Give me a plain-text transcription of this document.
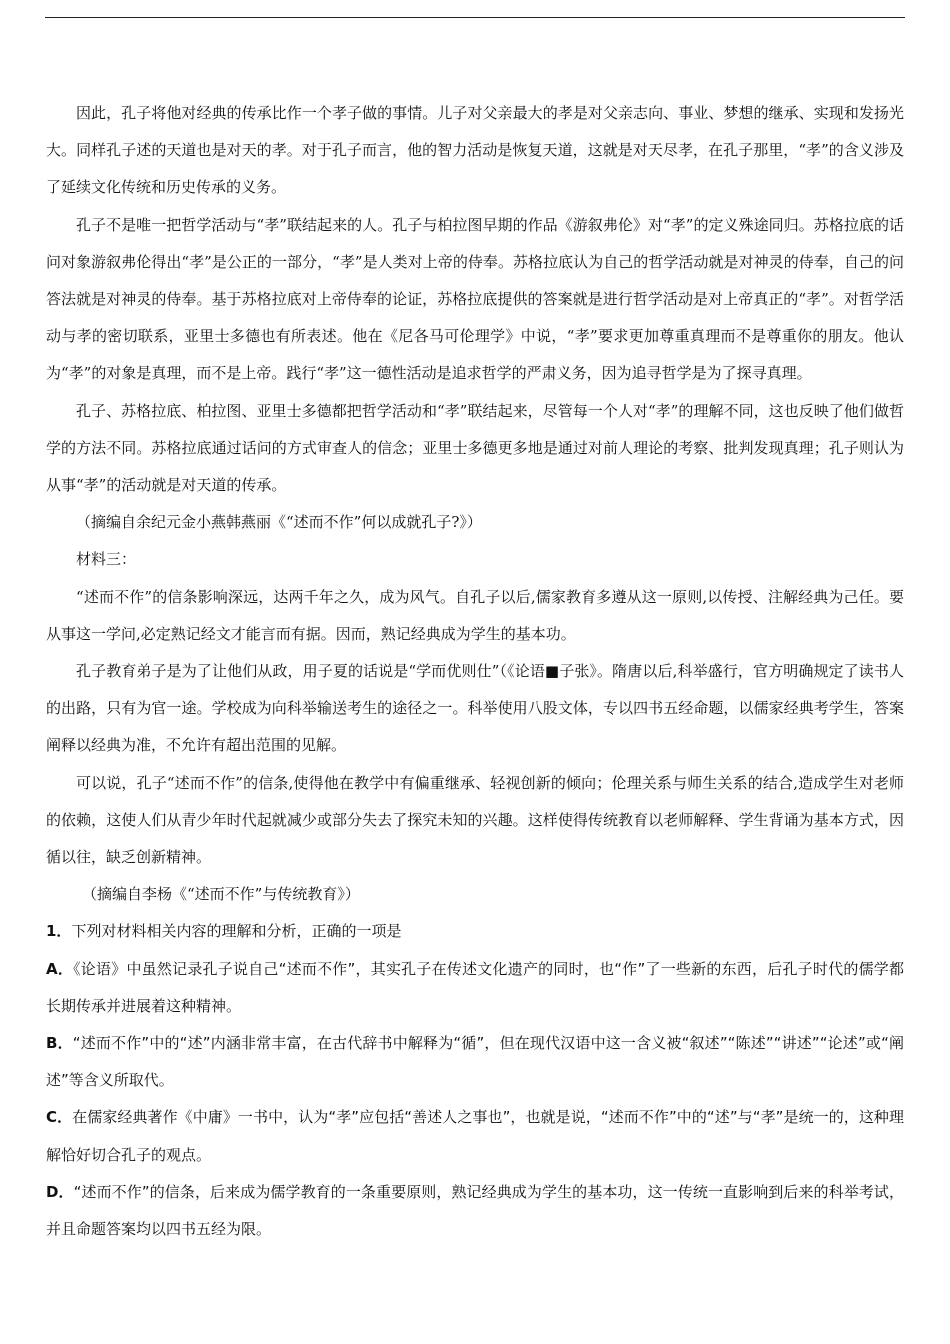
因此，孔子将他对经典的传承比作一个孝子做的事情。儿子对父亲最大的孝是对父亲志向、事业、梦想的继承、实现和发扬光大。同样孔子述的天道也是对天的孝。对于孔子而言，他的智力活动是恢复天道，这就是对天尽孝，在孔子那里，“孝”的含义涉及了延续文化传统和历史传承的义务。

孔子不是唯一把哲学活动与“孝”联结起来的人。孔子与柏拉图早期的作品《游叙弗伦》对“孝”的定义殊途同归。苏格拉底的话问对象游叙弗伦得出“孝”是公正的一部分，“孝”是人类对上帝的侍奉。苏格拉底认为自己的哲学活动就是对神灵的侍奉，自己的问答法就是对神灵的侍奉。基于苏格拉底对上帝侍奉的论证，苏格拉底提供的答案就是进行哲学活动是对上帝真正的“孝”。对哲学活动与孝的密切联系，亚里士多德也有所表述。他在《尼各马可伦理学》中说，“孝”要求更加尊重真理而不是尊重你的朋友。他认为“孝”的对象是真理，而不是上帝。践行“孝”这一德性活动是追求哲学的严肃义务，因为追寻哲学是为了探寻真理。

孔子、苏格拉底、柏拉图、亚里士多德都把哲学活动和“孝”联结起来，尽管每一个人对“孝”的理解不同，这也反映了他们做哲学的方法不同。苏格拉底通过话问的方式审查人的信念；亚里士多德更多地是通过对前人理论的考察、批判发现真理；孔子则认为从事“孝”的活动就是对天道的传承。

（摘编自余纪元金小燕韩燕丽《“述而不作”何以成就孔子?》）

材料三：

“述而不作”的信条影响深远，达两千年之久，成为风气。自孔子以后,儒家教育多遵从这一原则,以传授、注解经典为己任。要从事这一学问,必定熟记经文才能言而有据。因而，熟记经典成为学生的基本功。

孔子教育弟子是为了让他们从政，用子夏的话说是“学而优则仕”（《论语■子张》。隋唐以后,科举盛行，官方明确规定了读书人的出路，只有为官一途。学校成为向科举输送考生的途径之一。科举使用八股文体，专以四书五经命题，以儒家经典考学生，答案阐释以经典为准，不允许有超出范围的见解。

可以说，孔子“述而不作”的信条,使得他在教学中有偏重继承、轻视创新的倾向；伦理关系与师生关系的结合,造成学生对老师的依赖，这使人们从青少年时代起就减少或部分失去了探究未知的兴趣。这样使得传统教育以老师解释、学生背诵为基本方式，因循以往，缺乏创新精神。

（摘编自李杨《“述而不作”与传统教育》）

1．下列对材料相关内容的理解和分析，正确的一项是

A．《论语》中虽然记录孔子说自己“述而不作”，其实孔子在传述文化遗产的同时，也“作”了一些新的东西，后孔子时代的儒学都长期传承并进展着这种精神。

B．“述而不作”中的“述”内涵非常丰富，在古代辞书中解释为“循”，但在现代汉语中这一含义被“叙述”“陈述”“讲述”“论述”或“阐述”等含义所取代。

C．在儒家经典著作《中庸》一书中，认为“孝”应包括“善述人之事也”，也就是说，“述而不作”中的“述”与“孝”是统一的，这种理解恰好切合孔子的观点。

D．“述而不作”的信条，后来成为儒学教育的一条重要原则，熟记经典成为学生的基本功，这一传统一直影响到后来的科举考试，并且命题答案均以四书五经为限。
